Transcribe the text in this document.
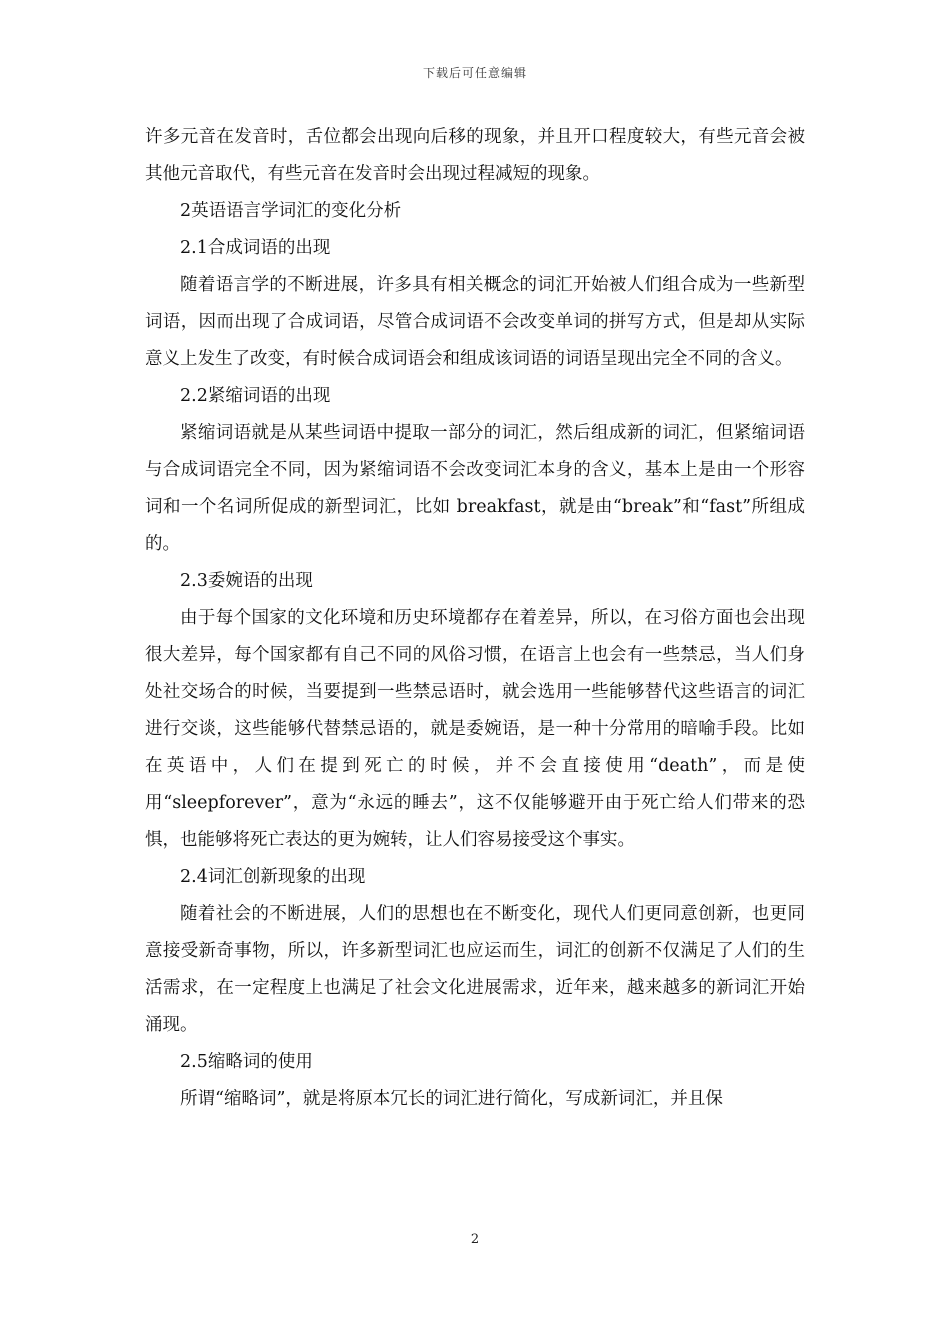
下载后可任意编辑

许多元音在发音时，舌位都会出现向后移的现象，并且开口程度较大，有些元音会被其他元音取代，有些元音在发音时会出现过程减短的现象。

2英语语言学词汇的变化分析

2.1合成词语的出现

随着语言学的不断进展，许多具有相关概念的词汇开始被人们组合成为一些新型词语，因而出现了合成词语，尽管合成词语不会改变单词的拼写方式，但是却从实际意义上发生了改变，有时候合成词语会和组成该词语的词语呈现出完全不同的含义。

2.2紧缩词语的出现

紧缩词语就是从某些词语中提取一部分的词汇，然后组成新的词汇，但紧缩词语与合成词语完全不同，因为紧缩词语不会改变词汇本身的含义，基本上是由一个形容词和一个名词所促成的新型词汇，比如 breakfast，就是由“break”和“fast”所组成的。

2.3委婉语的出现

由于每个国家的文化环境和历史环境都存在着差异，所以，在习俗方面也会出现很大差异，每个国家都有自己不同的风俗习惯，在语言上也会有一些禁忌，当人们身处社交场合的时候，当要提到一些禁忌语时，就会选用一些能够替代这些语言的词汇进行交谈，这些能够代替禁忌语的，就是委婉语，是一种十分常用的暗喻手段。比如在英语中，人们在提到死亡的时候，并不会直接使用“death”，而是使用“sleepforever”，意为“永远的睡去”，这不仅能够避开由于死亡给人们带来的恐惧，也能够将死亡表达的更为婉转，让人们容易接受这个事实。

2.4词汇创新现象的出现

随着社会的不断进展，人们的思想也在不断变化，现代人们更同意创新，也更同意接受新奇事物，所以，许多新型词汇也应运而生，词汇的创新不仅满足了人们的生活需求，在一定程度上也满足了社会文化进展需求，近年来，越来越多的新词汇开始涌现。

2.5缩略词的使用

所谓“缩略词”，就是将原本冗长的词汇进行简化，写成新词汇，并且保

2
